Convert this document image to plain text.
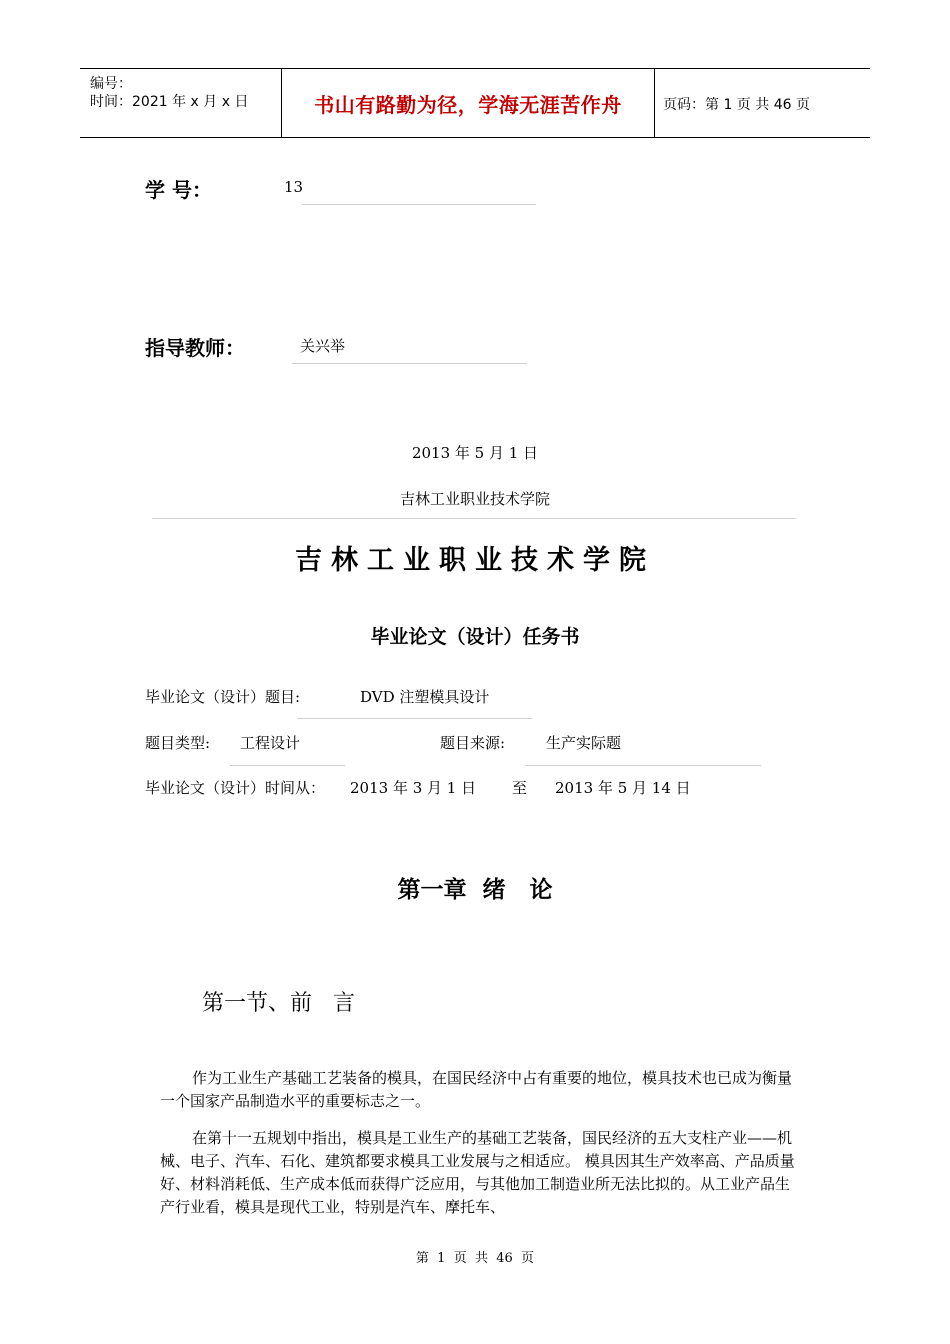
编号：
时间：2021 年 x 月 x 日	书山有路勤为径，学海无涯苦作舟	页码：第 1 页 共 46 页
学 号：	13
指导教师：	关兴举
2013 年 5 月 1 日
吉林工业职业技术学院
吉林工业职业技术学院
毕业论文（设计）任务书
毕业论文（设计）题目:	DVD 注塑模具设计
题目类型: 工程设计	题目来源:	生产实际题
毕业论文（设计）时间从： 2013 年 3 月 1 日 至 2013 年 5 月 14 日
第一章  绪   论
第一节、前   言
作为工业生产基础工艺装备的模具，在国民经济中占有重要的地位，模具技术也已成为衡量一个国家产品制造水平的重要标志之一。
在第十一五规划中指出，模具是工业生产的基础工艺装备，国民经济的五大支柱产业——机械、电子、汽车、石化、建筑都要求模具工业发展与之相适应。 模具因其生产效率高、产品质量好、材料消耗低、生产成本低而获得广泛应用，与其他加工制造业所无法比拟的。从工业产品生产行业看，模具是现代工业，特别是汽车、摩托车、
第  1  页  共  46  页
